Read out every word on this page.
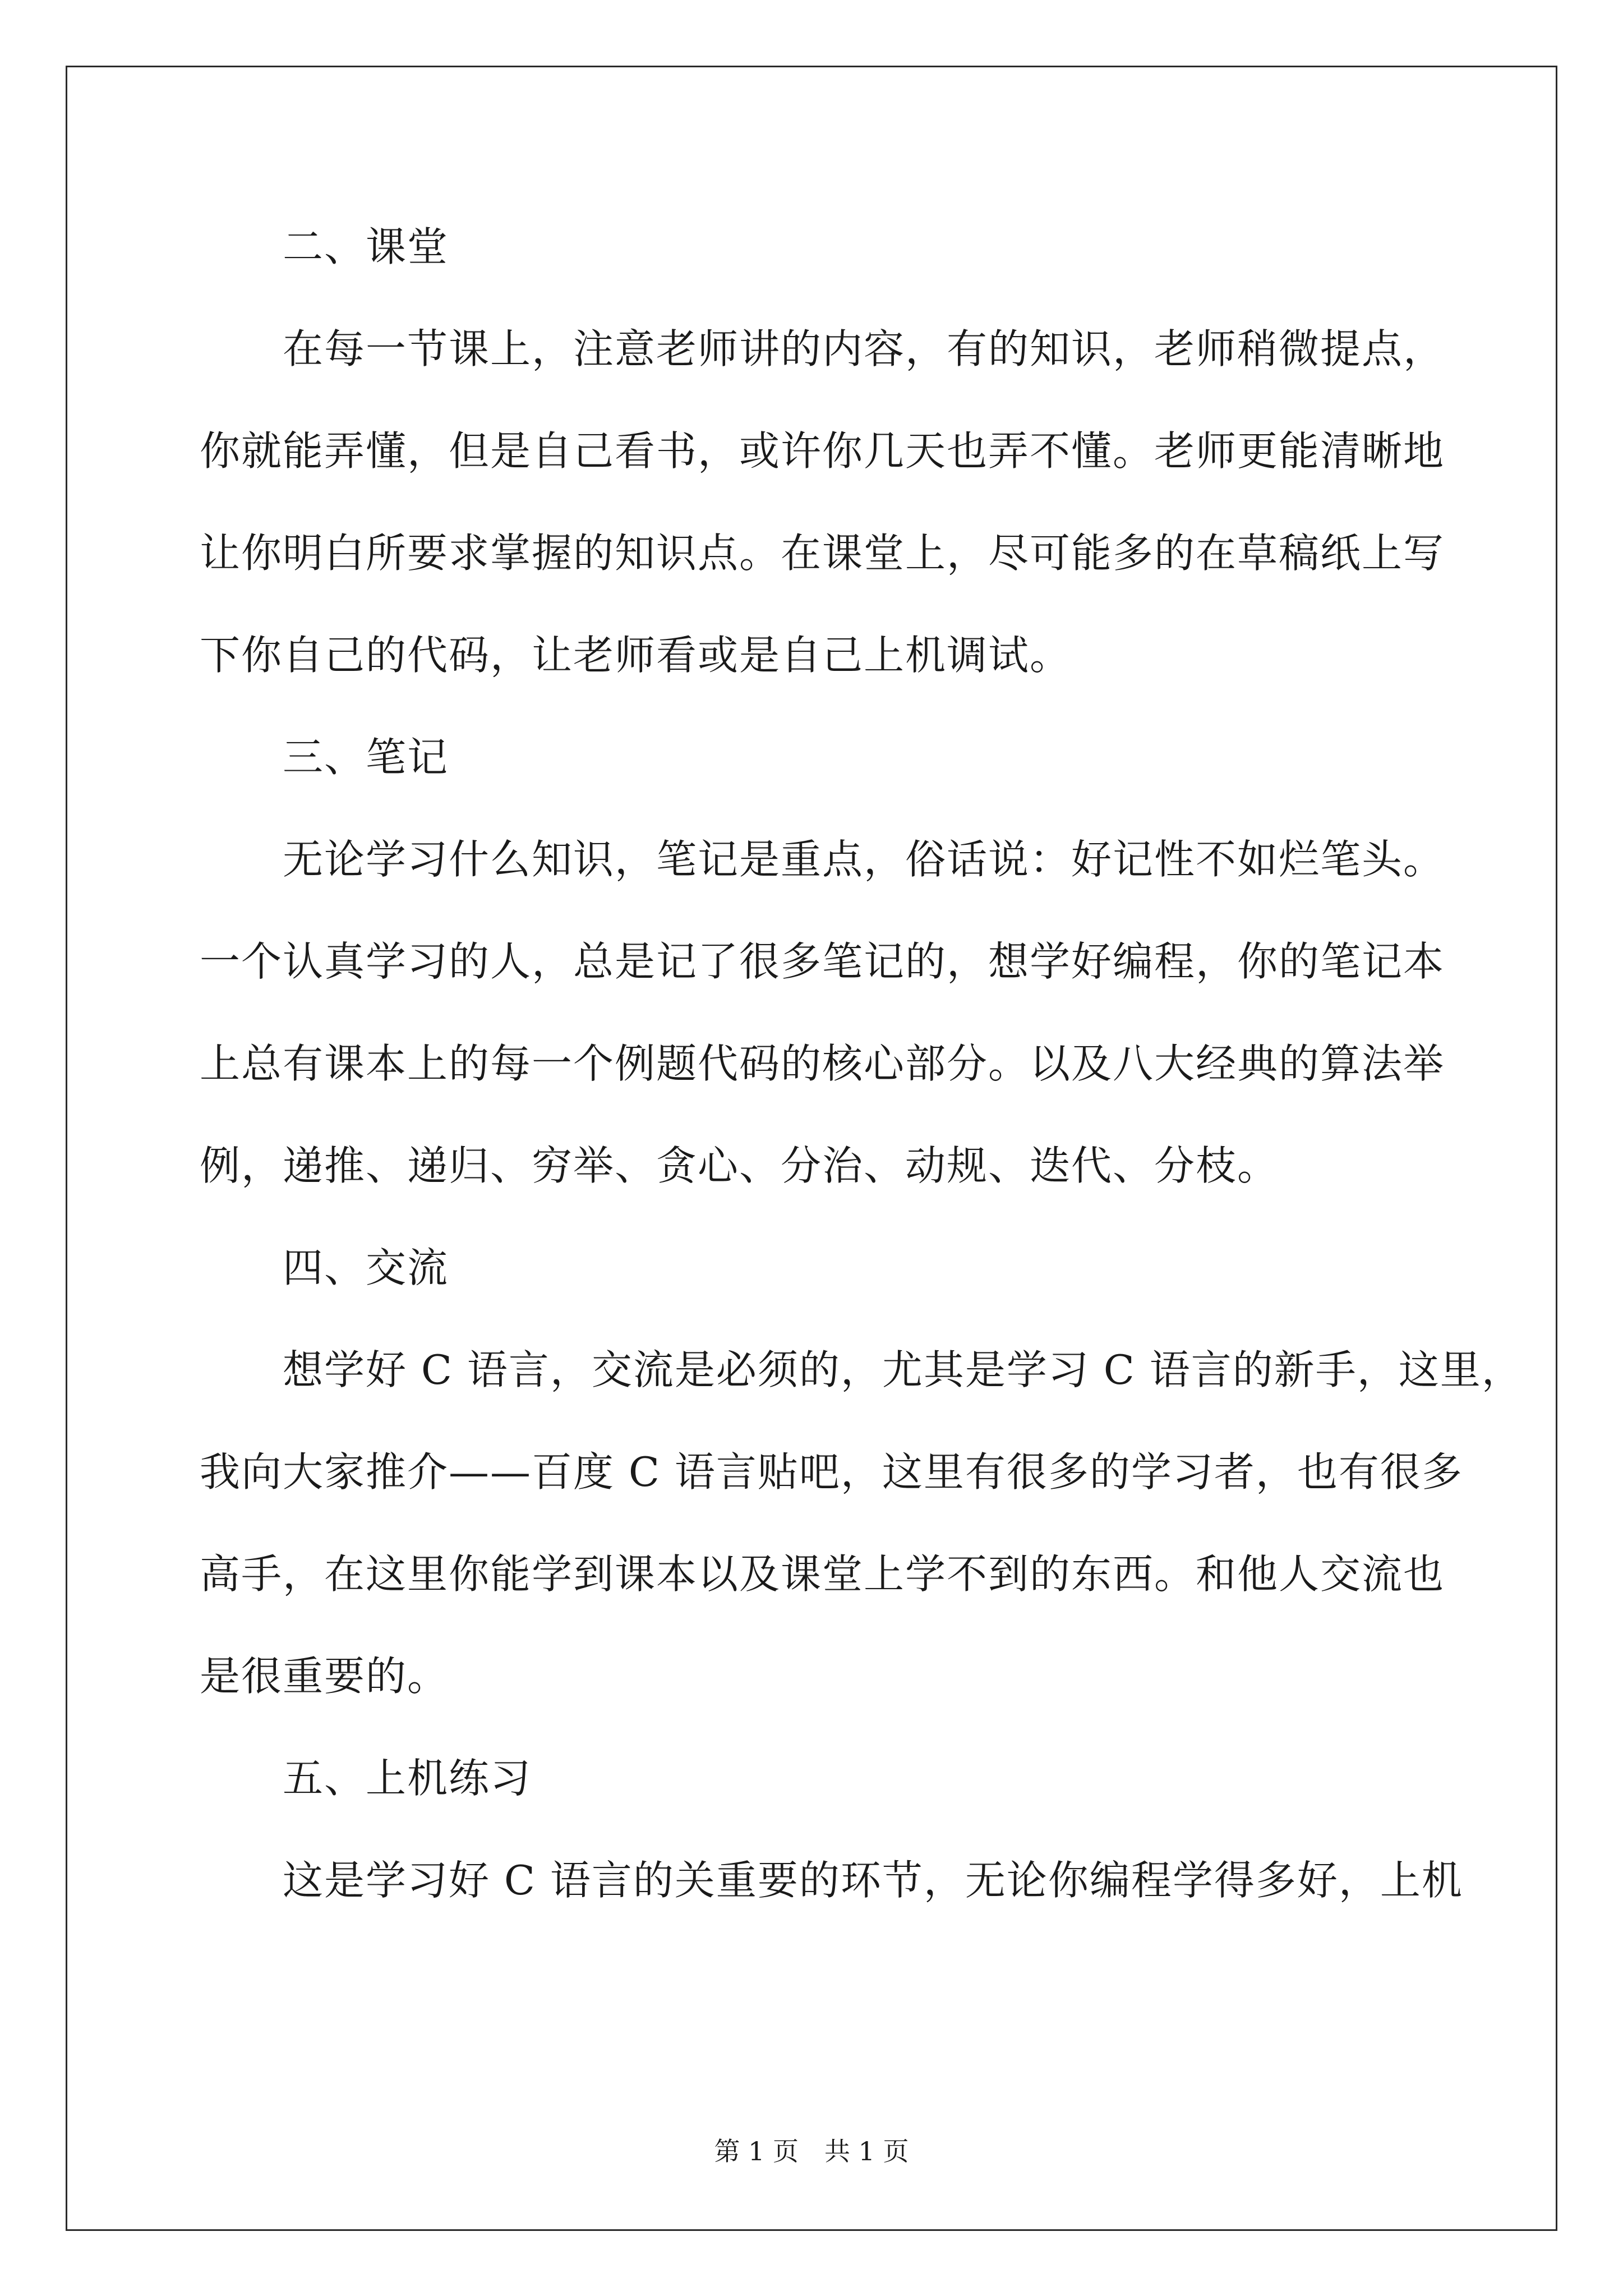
二、课堂
在每一节课上，注意老师讲的内容，有的知识，老师稍微提点，
你就能弄懂，但是自己看书，或许你几天也弄不懂。老师更能清晰地
让你明白所要求掌握的知识点。在课堂上，尽可能多的在草稿纸上写
下你自己的代码，让老师看或是自己上机调试。
三、笔记
无论学习什么知识，笔记是重点，俗话说：好记性不如烂笔头。
一个认真学习的人，总是记了很多笔记的，想学好编程，你的笔记本
上总有课本上的每一个例题代码的核心部分。以及八大经典的算法举
例，递推、递归、穷举、贪心、分治、动规、迭代、分枝。
四、交流
想学好 C 语言，交流是必须的，尤其是学习 C 语言的新手，这里，
我向大家推介——百度 C 语言贴吧，这里有很多的学习者，也有很多
高手，在这里你能学到课本以及课堂上学不到的东西。和他人交流也
是很重要的。
五、上机练习
这是学习好 C 语言的关重要的环节，无论你编程学得多好，上机
第 1 页　共 1 页
